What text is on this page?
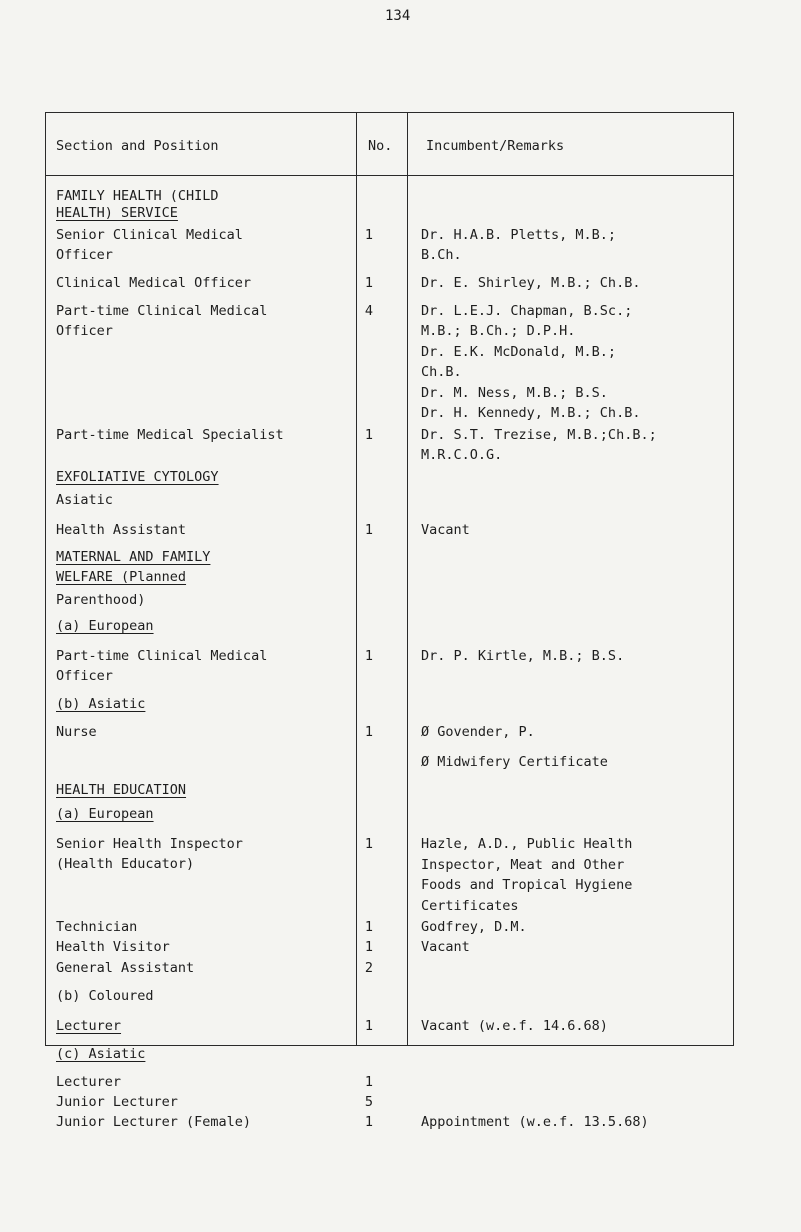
134
Section and Position	No. Incumbent/Remarks
FAMILY HEALTH (CHILD
HEALTH) SERVICE
Senior Clinical Medical
Officer
1	Dr. H.A.B. Pletts, M.B.;
B.Ch.
Clinical Medical Officer	1	Dr. E. Shirley, M.B.; Ch.B.
Part-time Clinical Medical
Officer
4	Dr. L.E.J. Chapman, B.Sc.;
M.B.; B.Ch.; D.P.H.
Dr. E.K. McDonald, M.B.;
Ch.B.
Dr. M. Ness, M.B.; B.S.
Dr. H. Kennedy, M.B.; Ch.B.
Part-time Medical Specialist	1	Dr. S.T. Trezise, M.B.;Ch.B.;
M.R.C.O.G.
EXFOLIATIVE CYTOLOGY
Asiatic
Health Assistant	1	Vacant
MATERNAL AND FAMILY
WELFARE (Planned
Parenthood)
(a) European
Part-time Clinical Medical
Officer
1	Dr. P. Kirtle, M.B.; B.S.
(b) Asiatic
Nurse	1	Ø Govender, P.
Ø Midwifery Certificate
HEALTH EDUCATION
(a) European
Senior Health Inspector
(Health Educator)
1	Hazle, A.D., Public Health
Inspector, Meat and Other
Foods and Tropical Hygiene
Certificates
Technician	1	Godfrey, D.M.
Health Visitor	1	Vacant
General Assistant	2
(b) Coloured
Lecturer	1	Vacant (w.e.f. 14.6.68)
(c) Asiatic
Lecturer	1
Junior Lecturer	5
Junior Lecturer (Female)	1	Appointment (w.e.f. 13.5.68)
